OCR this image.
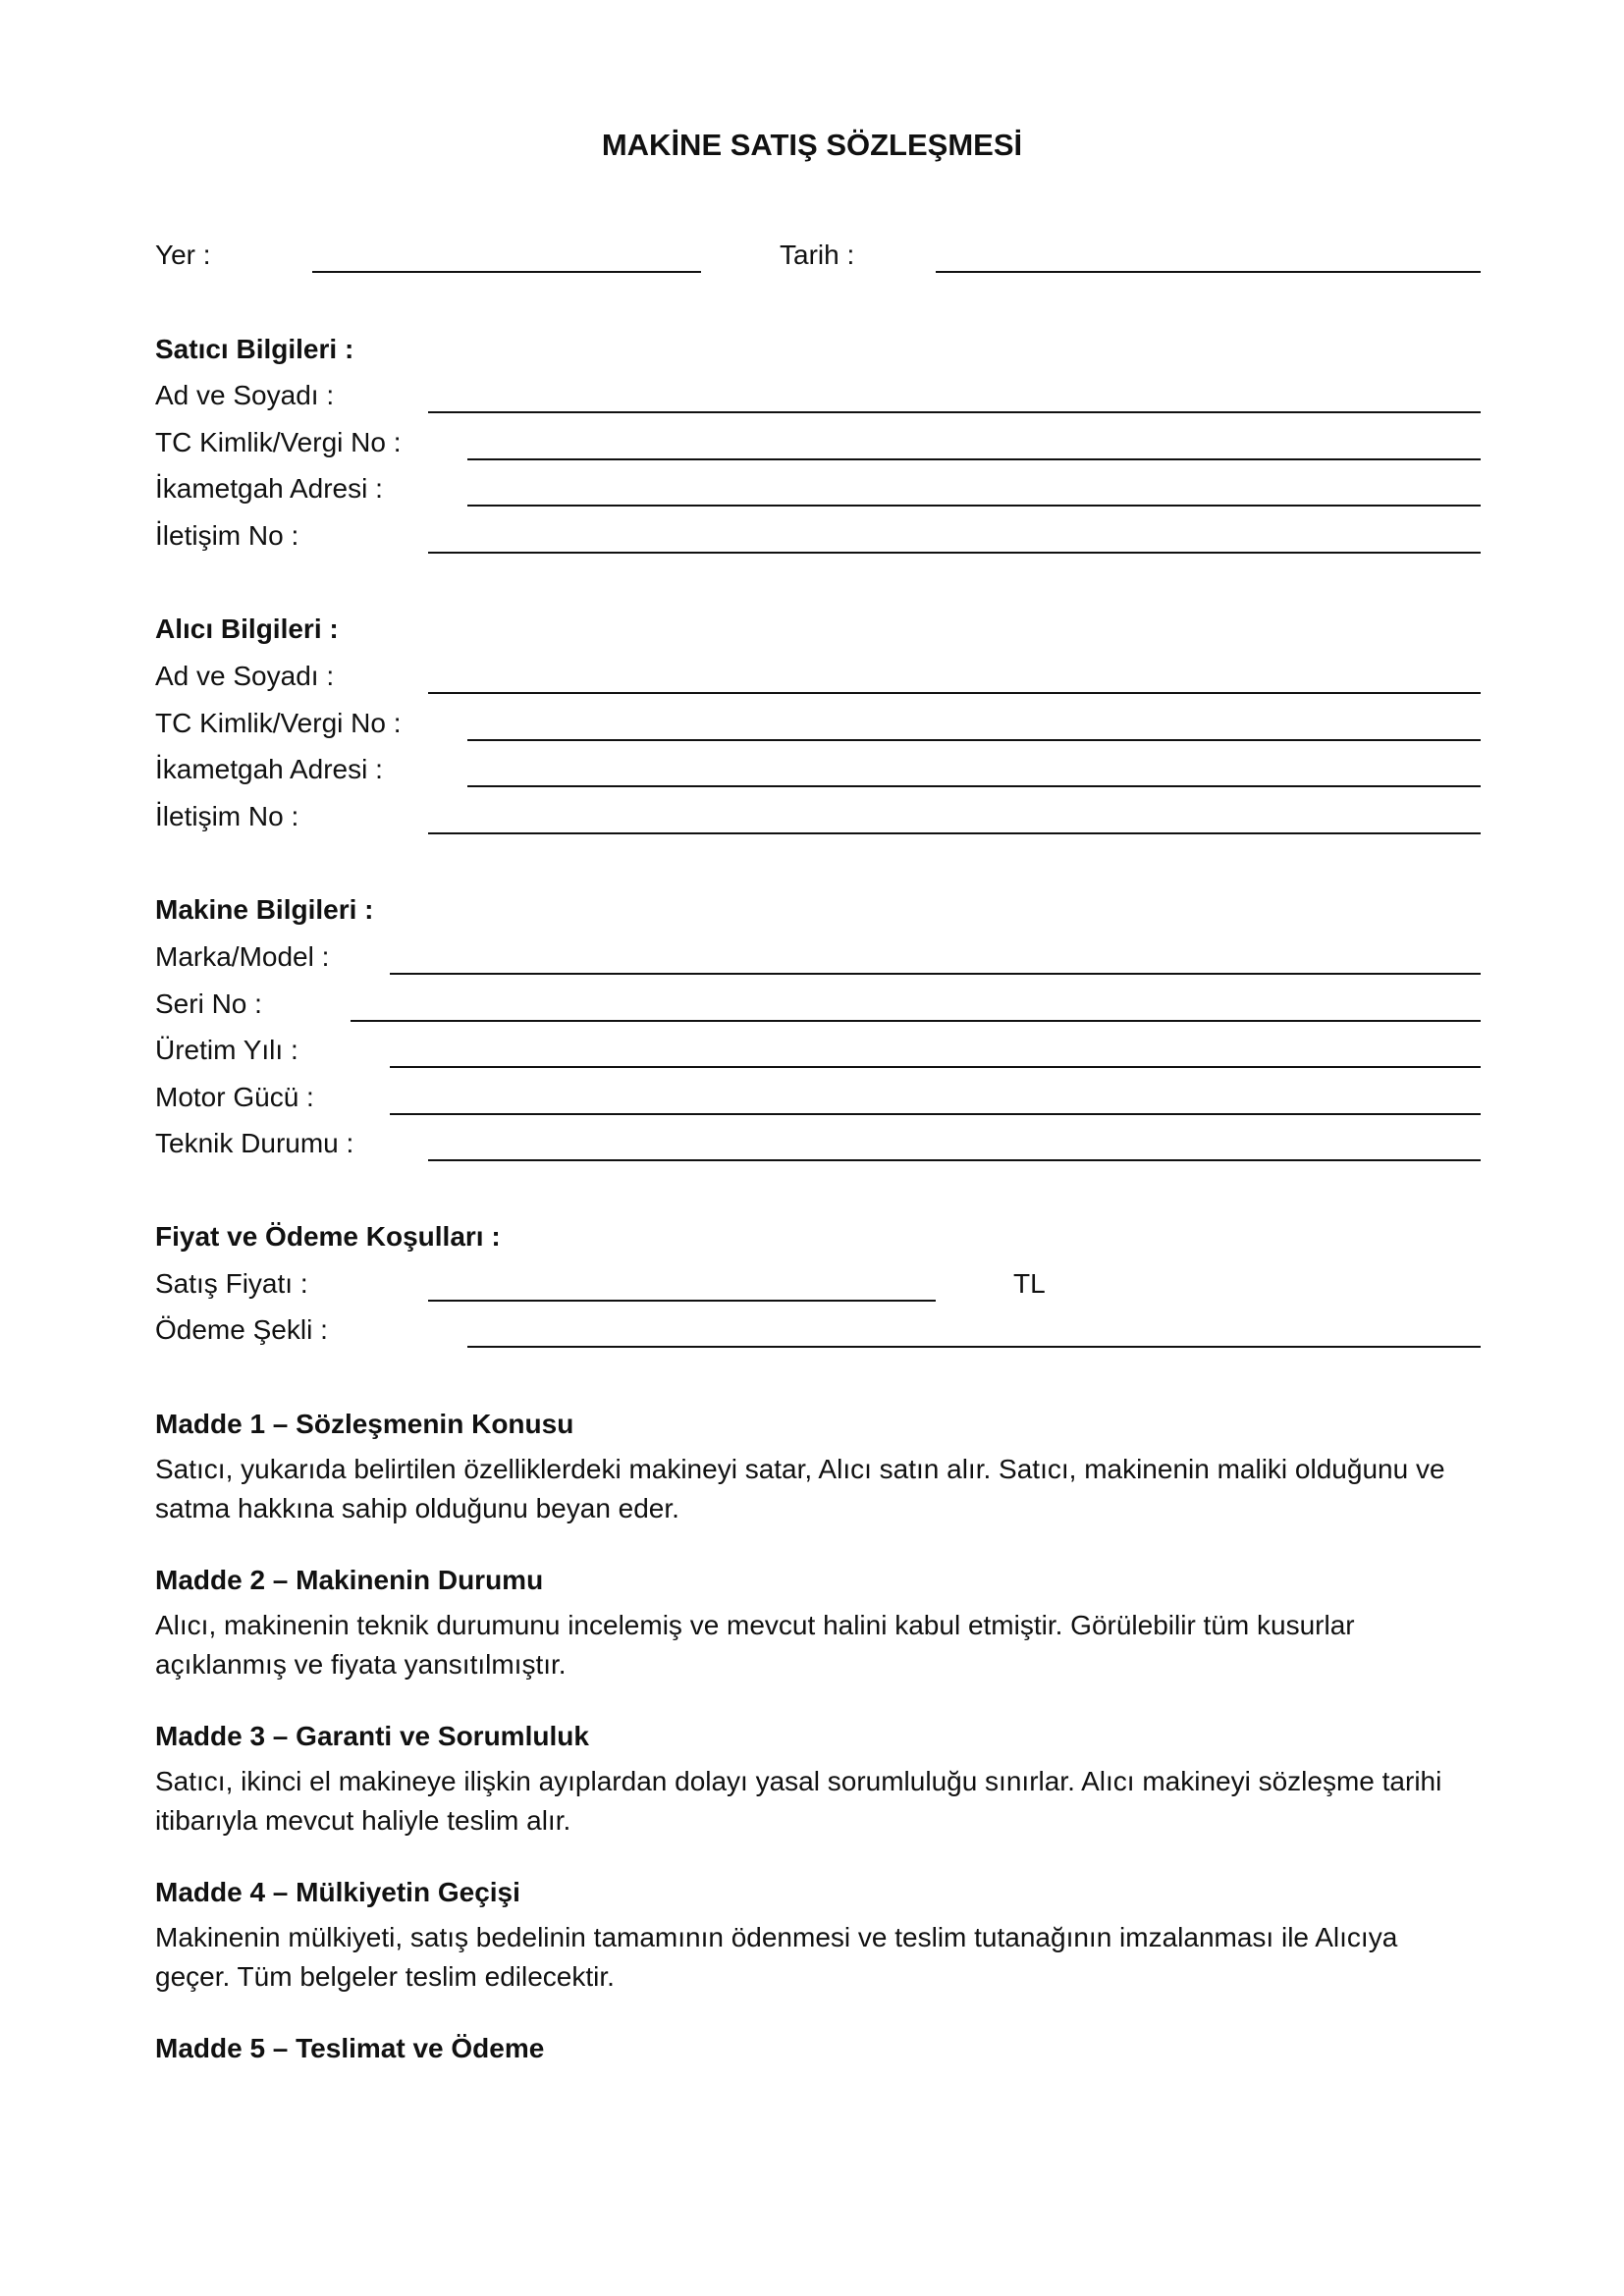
MAKİNE SATIŞ SÖZLEŞMESİ
Yer :	Tarih :
Satıcı Bilgileri :
Ad ve Soyadı :
TC Kimlik/Vergi No :
İkametgah Adresi :
İletişim No :
Alıcı Bilgileri :
Ad ve Soyadı :
TC Kimlik/Vergi No :
İkametgah Adresi :
İletişim No :
Makine Bilgileri :
Marka/Model :
Seri No :
Üretim Yılı :
Motor Gücü :
Teknik Durumu :
Fiyat ve Ödeme Koşulları :
Satış Fiyatı :	TL
Ödeme Şekli :
Madde 1 – Sözleşmenin Konusu
Satıcı, yukarıda belirtilen özelliklerdeki makineyi satar, Alıcı satın alır. Satıcı, makinenin maliki olduğunu ve
satma hakkına sahip olduğunu beyan eder.
Madde 2 – Makinenin Durumu
Alıcı, makinenin teknik durumunu incelemiş ve mevcut halini kabul etmiştir. Görülebilir tüm kusurlar
açıklanmış ve fiyata yansıtılmıştır.
Madde 3 – Garanti ve Sorumluluk
Satıcı, ikinci el makineye ilişkin ayıplardan dolayı yasal sorumluluğu sınırlar. Alıcı makineyi sözleşme tarihi
itibarıyla mevcut haliyle teslim alır.
Madde 4 – Mülkiyetin Geçişi
Makinenin mülkiyeti, satış bedelinin tamamının ödenmesi ve teslim tutanağının imzalanması ile Alıcıya
geçer. Tüm belgeler teslim edilecektir.
Madde 5 – Teslimat ve Ödeme
